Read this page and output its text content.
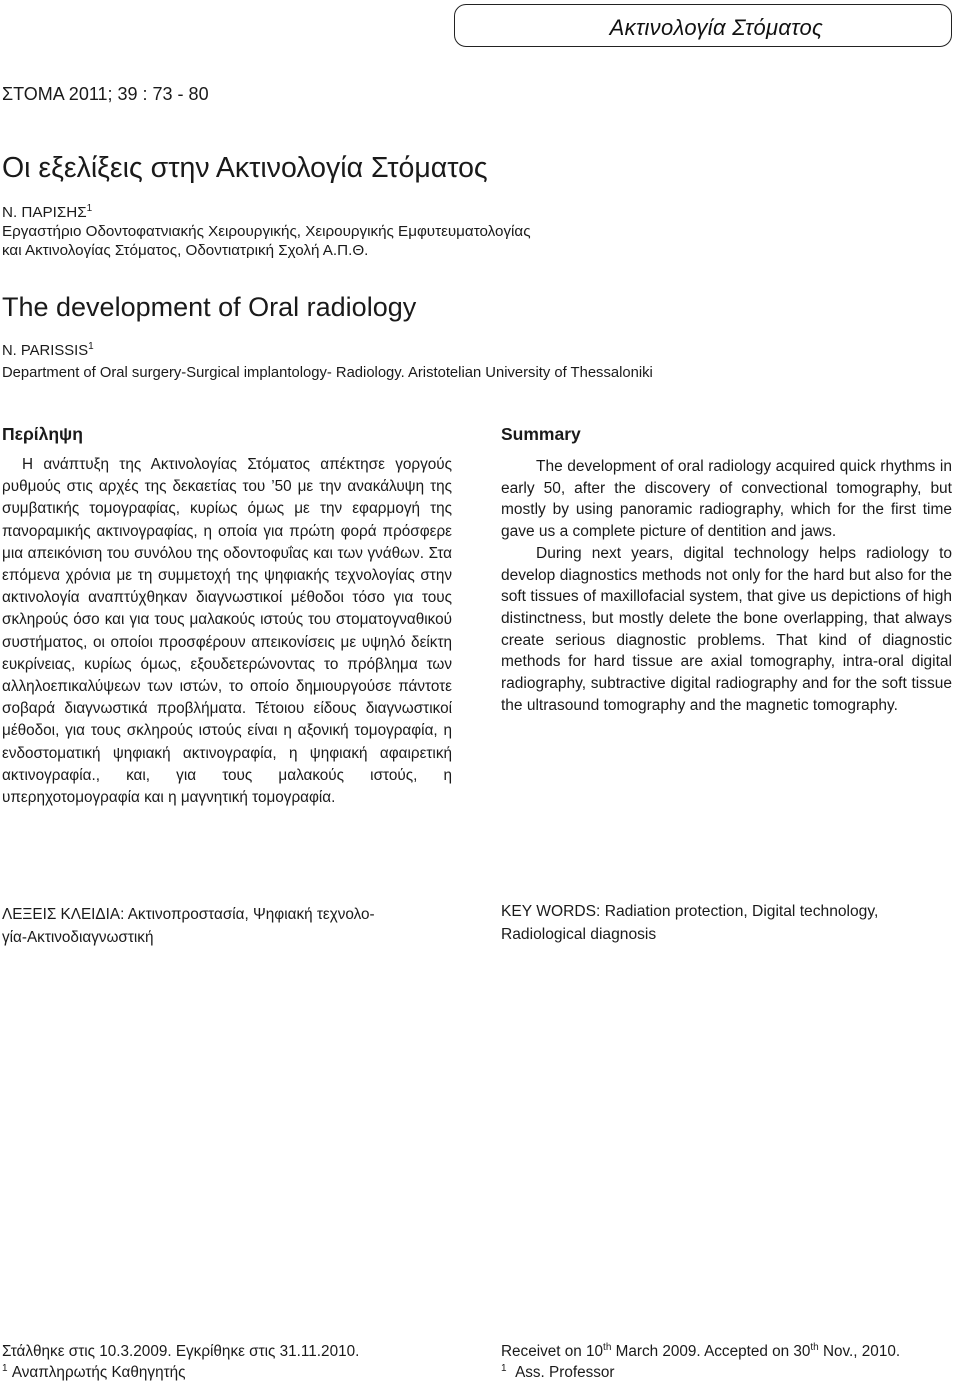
Ακτινολογία Στόματος
ΣΤΟΜΑ 2011; 39 : 73 - 80
Οι εξελίξεις στην Ακτινολογία Στόματος
Ν. ΠΑΡΙΣΗΣ$^1$
Εργαστήριο Οδοντοφατνιακής Χειρουργικής, Χειρουργικής Εμφυτευματολογίας
και Ακτινολογίας Στόματος, Οδοντιατρική Σχολή Α.Π.Θ.
The development of Oral radiology
N. PARISSIS$^1$
Department of Oral surgery-Surgical implantology- Radiology. Aristotelian University of Thessaloniki
Περίληψη
Η ανάπτυξη της Ακτινολογίας Στόματος απέκτησε γοργούς ρυθμούς στις αρχές της δεκαετίας του ’50 με την ανακάλυψη της συμβατικής τομογραφίας, κυρίως όμως με την εφαρμογή της πανοραμικής ακτινογραφίας, η οποία για πρώτη φορά πρόσφερε μια απεικόνιση του συνόλου της οδοντοφυΐας και των γνάθων. Στα επόμενα χρόνια με τη συμμετοχή της ψηφιακής τεχνολογίας στην ακτινολογία αναπτύχθηκαν διαγνωστικοί μέθοδοι τόσο για τους σκληρούς όσο και για τους μαλακούς ιστούς του στοματογναθικού συστήματος, οι οποίοι προσφέρουν απεικονίσεις με υψηλό δείκτη ευκρίνειας, κυρίως όμως, εξουδετερώνοντας το πρόβλημα των αλληλοεπικαλύψεων των ιστών, το οποίο δημιουργούσε πάντοτε σοβαρά διαγνωστικά προβλήματα. Τέτοιου είδους διαγνωστικοί μέθοδοι, για τους σκληρούς ιστούς είναι η αξονική τομογραφία, η ενδοστοματική ψηφιακή ακτινογραφία, η ψηφιακή αφαιρετική ακτινογραφία., και, για τους μαλακούς ιστούς, η υπερηχοτομογραφία και η μαγνητική τομογραφία.
Summary

The development of oral radiology acquired quick rhythms in early 50, after the discovery of convectional tomography, but mostly by using panoramic radiography, which for the first time gave us a complete picture of dentition and jaws.

During next years, digital technology helps radiology to develop diagnostics methods not only for the hard but also for the soft tissues of maxillofacial system, that give us depictions of high distinctness, but mostly delete the bone overlapping, that always create serious diagnostic problems. That kind of diagnostic methods for hard tissue are axial tomography, intra-oral digital radiography, subtractive digital radiography and for the soft tissue the ultrasound tomography and the magnetic tomography.

ΛΕΞΕΙΣ ΚΛΕΙΔΙΑ: Ακτινοπροστασία, Ψηφιακή τεχνολο-
γία-Ακτινοδιαγνωστική
KEY WORDS: Radiation protection, Digital technology,
Radiological diagnosis
Στάλθηκε στις 10.3.2009. Εγκρίθηκε στις 31.11.2010.
$^1$ Αναπληρωτής Καθηγητής
Receivet on 10th March 2009. Accepted on 30th Nov., 2010.
$^1$ Ass. Professor
